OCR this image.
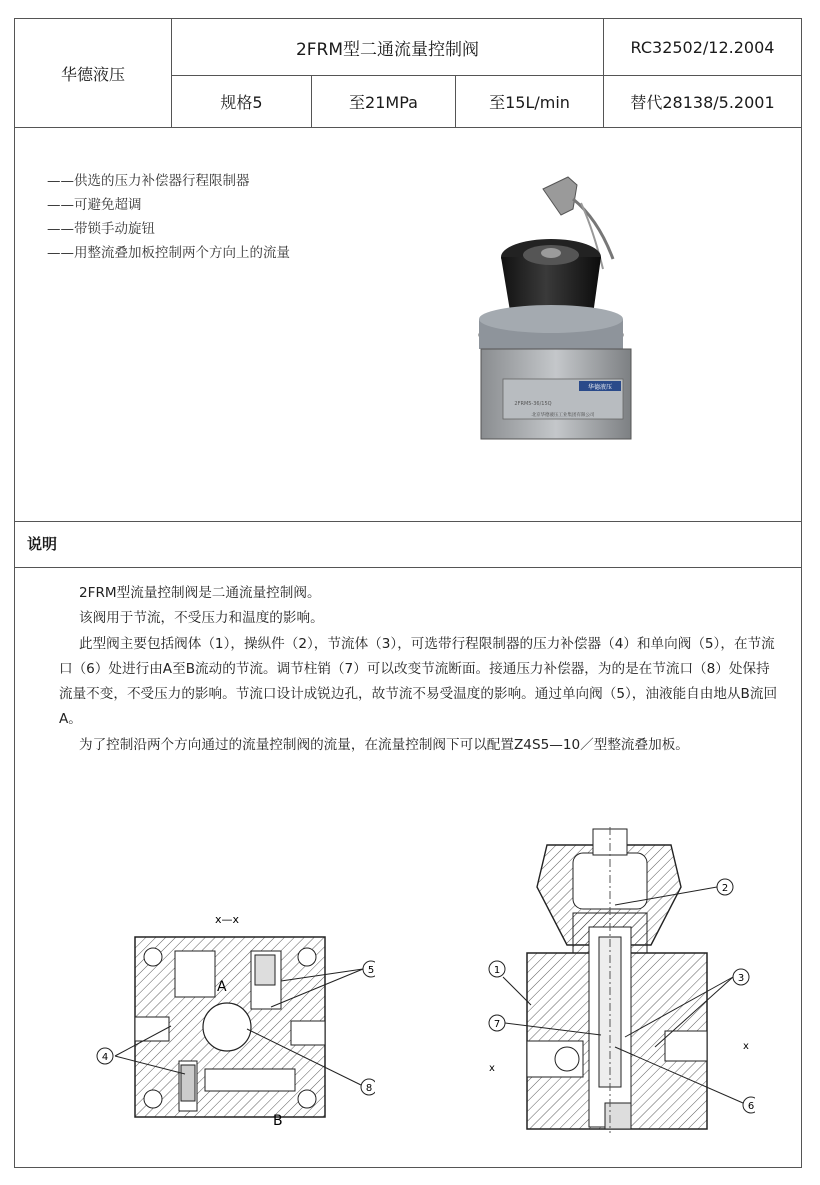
华德液压
2FRM型二通流量控制阀	RC32502/12.2004
规格5	至21MPa	至15L/min	替代28138/5.2001
——供选的压力补偿器行程限制器
——可避免超调
——带锁手动旋钮
——用整流叠加板控制两个方向上的流量
华德液压
2FRM5-36/15Q
北京华德液压工业集团有限公司
说明

2FRM型流量控制阀是二通流量控制阀。

该阀用于节流，不受压力和温度的影响。

此型阀主要包括阀体（1），操纵件（2），节流体（3），可选带行程限制器的压力补偿器（4）和单向阀（5），在节流口（6）处进行由A至B流动的节流。调节柱销（7）可以改变节流断面。接通压力补偿器，为的是在节流口（8）处保持流量不变，不受压力的影响。节流口设计成锐边孔，故节流不易受温度的影响。通过单向阀（5），油液能自由地从B流回A。

为了控制沿两个方向通过的流量控制阀的流量，在流量控制阀下可以配置Z4S5—10／型整流叠加板。

x—x
A
B
4
5
8
2
1
3
7
6
x
x
